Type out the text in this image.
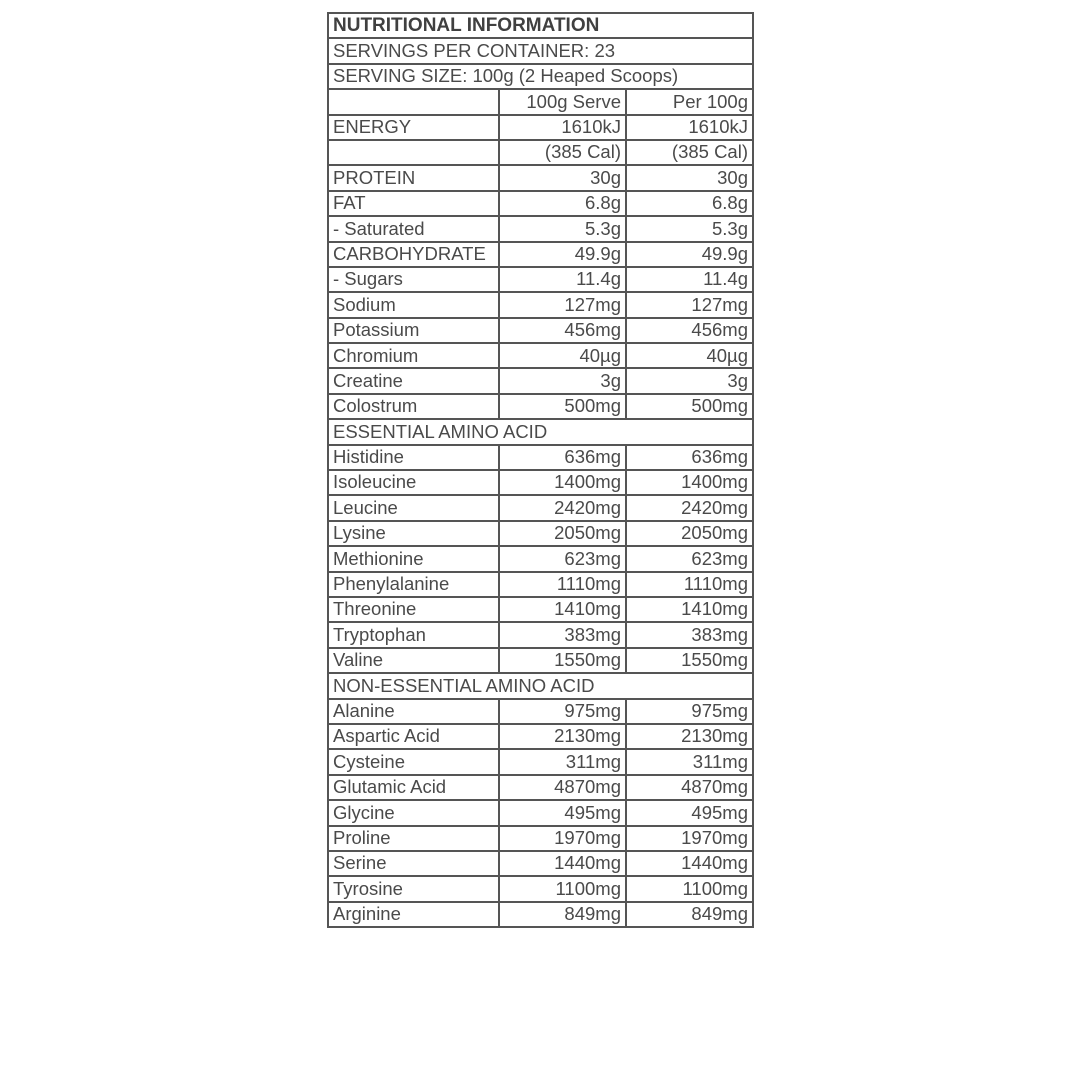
NUTRITIONAL INFORMATION		
SERVINGS PER CONTAINER: 23		
SERVING SIZE: 100g (2 Heaped Scoops)		
	100g Serve	Per 100g
ENERGY	1610kJ	1610kJ
	(385 Cal)	(385 Cal)
PROTEIN	30g	30g
FAT	6.8g	6.8g
- Saturated	5.3g	5.3g
CARBOHYDRATE	49.9g	49.9g
- Sugars	11.4g	11.4g
Sodium	127mg	127mg
Potassium	456mg	456mg
Chromium	40µg	40µg
Creatine	3g	3g
Colostrum	500mg	500mg
ESSENTIAL AMINO ACID		
Histidine	636mg	636mg
Isoleucine	1400mg	1400mg
Leucine	2420mg	2420mg
Lysine	2050mg	2050mg
Methionine	623mg	623mg
Phenylalanine	1110mg	1110mg
Threonine	1410mg	1410mg
Tryptophan	383mg	383mg
Valine	1550mg	1550mg
NON-ESSENTIAL AMINO ACID		
Alanine	975mg	975mg
Aspartic Acid	2130mg	2130mg
Cysteine	311mg	311mg
Glutamic Acid	4870mg	4870mg
Glycine	495mg	495mg
Proline	1970mg	1970mg
Serine	1440mg	1440mg
Tyrosine	1100mg	1100mg
Arginine	849mg	849mg
